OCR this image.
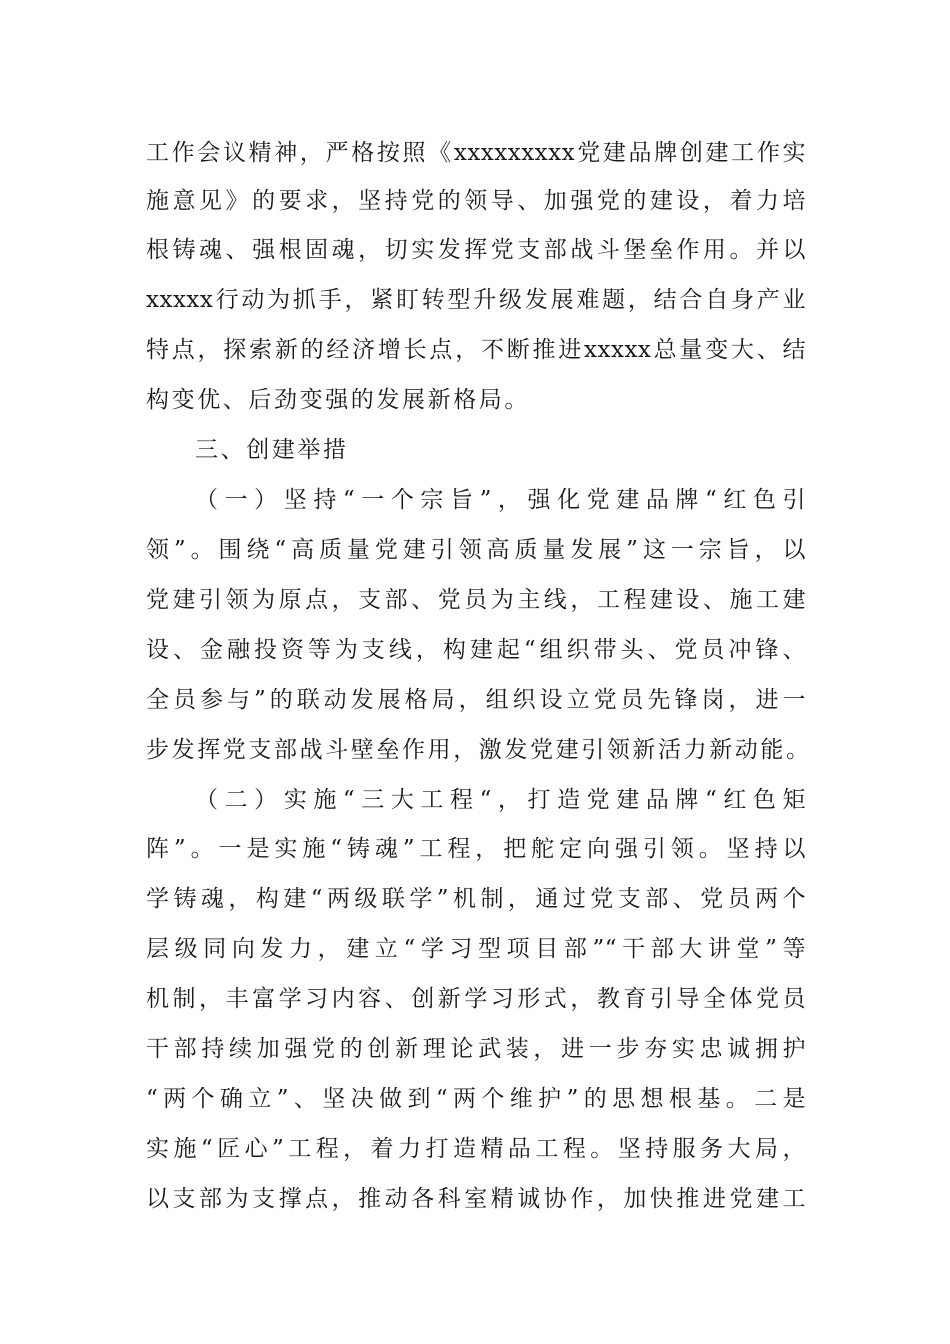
工作会议精神，严格按照《xxxxxxxxx党建品牌创建工作实
施意见》的要求，坚持党的领导、加强党的建设，着力培
根铸魂、强根固魂，切实发挥党支部战斗堡垒作用。并以
xxxxx行动为抓手，紧盯转型升级发展难题，结合自身产业
特点，探索新的经济增长点，不断推进xxxxx总量变大、结
构变优、后劲变强的发展新格局。
三、创建举措
（一）坚持“一个宗旨”，强化党建品牌“红色引
领”。围绕“高质量党建引领高质量发展”这一宗旨，以
党建引领为原点，支部、党员为主线，工程建设、施工建
设、金融投资等为支线，构建起“组织带头、党员冲锋、
全员参与”的联动发展格局，组织设立党员先锋岗，进一
步发挥党支部战斗壁垒作用，激发党建引领新活力新动能。
（二）实施“三大工程“，打造党建品牌“红色矩
阵”。一是实施“铸魂”工程，把舵定向强引领。坚持以
学铸魂，构建“两级联学”机制，通过党支部、党员两个
层级同向发力，建立“学习型项目部”“干部大讲堂”等
机制，丰富学习内容、创新学习形式，教育引导全体党员
干部持续加强党的创新理论武装，进一步夯实忠诚拥护
“两个确立”、坚决做到“两个维护”的思想根基。二是
实施“匠心”工程，着力打造精品工程。坚持服务大局，
以支部为支撑点，推动各科室精诚协作，加快推进党建工
